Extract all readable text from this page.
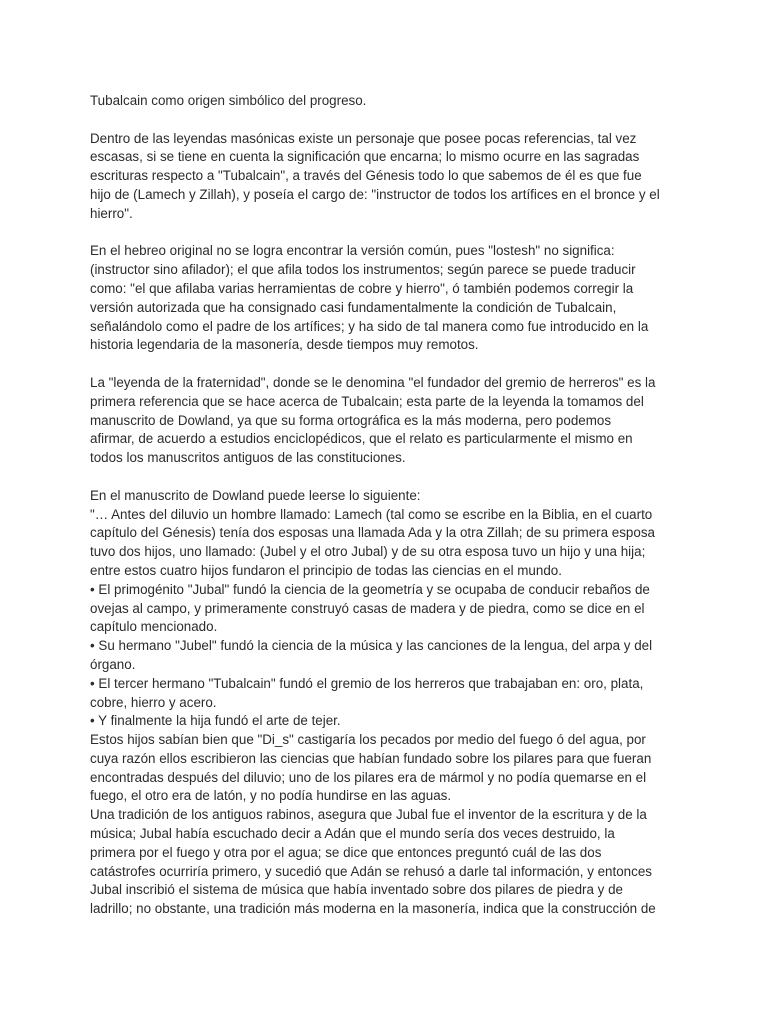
Tubalcain como origen simbólico del progreso.
Dentro de las leyendas masónicas existe un personaje que posee pocas referencias, tal vez
escasas, si se tiene en cuenta la significación que encarna; lo mismo ocurre en las sagradas
escrituras respecto a "Tubalcain", a través del Génesis todo lo que sabemos de él es que fue
hijo de (Lamech y Zillah), y poseía el cargo de: "instructor de todos los artífices en el bronce y el
hierro".
En el hebreo original no se logra encontrar la versión común, pues "lostesh" no significa:
(instructor sino afilador); el que afila todos los instrumentos; según parece se puede traducir
como: "el que afilaba varias herramientas de cobre y hierro", ó también podemos corregir la
versión autorizada que ha consignado casi fundamentalmente la condición de Tubalcain,
señalándolo como el padre de los artífices; y ha sido de tal manera como fue introducido en la
historia legendaria de la masonería, desde tiempos muy remotos.
La "leyenda de la fraternidad", donde se le denomina "el fundador del gremio de herreros" es la
primera referencia que se hace acerca de Tubalcain; esta parte de la leyenda la tomamos del
manuscrito de Dowland, ya que su forma ortográfica es la más moderna, pero podemos
afirmar, de acuerdo a estudios enciclopédicos, que el relato es particularmente el mismo en
todos los manuscritos antiguos de las constituciones.
En el manuscrito de Dowland puede leerse lo siguiente:
"… Antes del diluvio un hombre llamado: Lamech (tal como se escribe en la Biblia, en el cuarto
capítulo del Génesis) tenía dos esposas una llamada Ada y la otra Zillah; de su primera esposa
tuvo dos hijos, uno llamado: (Jubel y el otro Jubal) y de su otra esposa tuvo un hijo y una hija;
entre estos cuatro hijos fundaron el principio de todas las ciencias en el mundo.
• El primogénito "Jubal" fundó la ciencia de la geometría y se ocupaba de conducir rebaños de
ovejas al campo, y primeramente construyó casas de madera y de piedra, como se dice en el
capítulo mencionado.
• Su hermano "Jubel" fundó la ciencia de la música y las canciones de la lengua, del arpa y del
órgano.
• El tercer hermano "Tubalcain" fundó el gremio de los herreros que trabajaban en: oro, plata,
cobre, hierro y acero.
• Y finalmente la hija fundó el arte de tejer.
Estos hijos sabían bien que "Di_s" castigaría los pecados por medio del fuego ó del agua, por
cuya razón ellos escribieron las ciencias que habían fundado sobre los pilares para que fueran
encontradas después del diluvio; uno de los pilares era de mármol y no podía quemarse en el
fuego, el otro era de latón, y no podía hundirse en las aguas.
Una tradición de los antiguos rabinos, asegura que Jubal fue el inventor de la escritura y de la
música; Jubal había escuchado decir a Adán que el mundo sería dos veces destruido, la
primera por el fuego y otra por el agua; se dice que entonces preguntó cuál de las dos
catástrofes ocurriría primero, y sucedió que Adán se rehusó a darle tal información, y entonces
Jubal inscribió el sistema de música que había inventado sobre dos pilares de piedra y de
ladrillo; no obstante, una tradición más moderna en la masonería, indica que la construcción de
